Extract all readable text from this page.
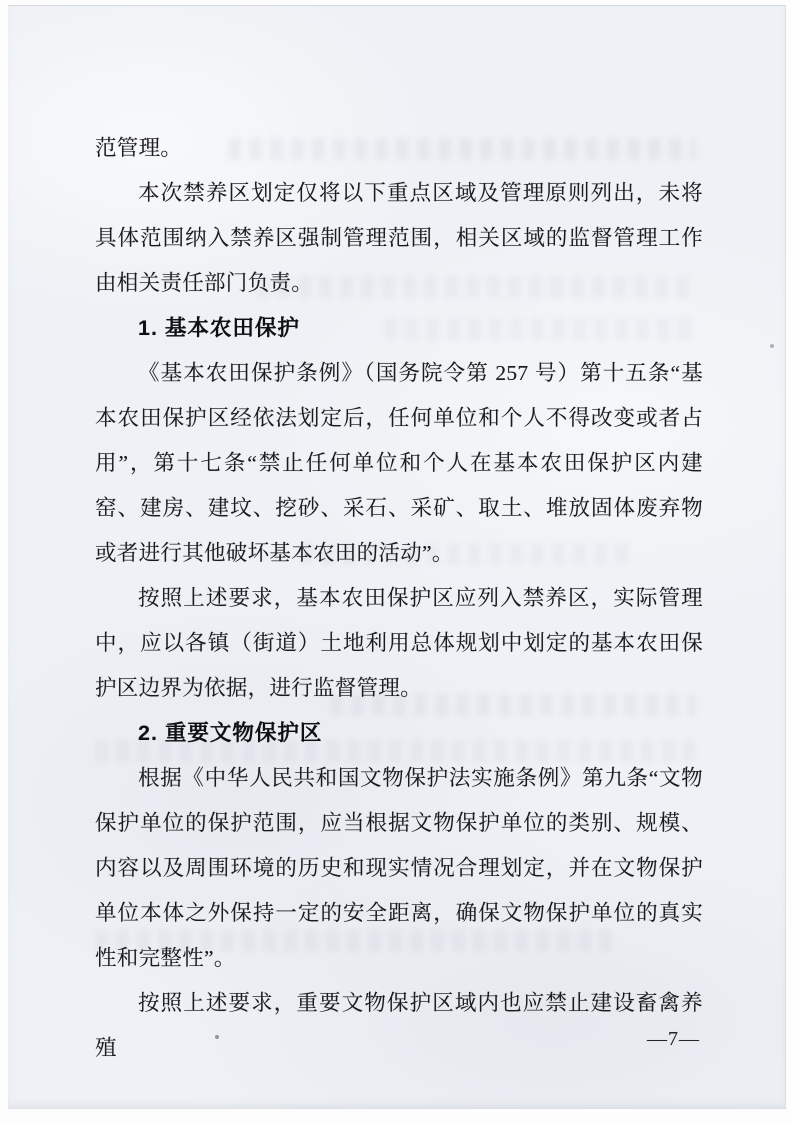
范管理。

本次禁养区划定仅将以下重点区域及管理原则列出，未将具体范围纳入禁养区强制管理范围，相关区域的监督管理工作由相关责任部门负责。

1. 基本农田保护

《基本农田保护条例》（国务院令第 257 号）第十五条“基本农田保护区经依法划定后，任何单位和个人不得改变或者占用”，第十七条“禁止任何单位和个人在基本农田保护区内建窑、建房、建坟、挖砂、采石、采矿、取土、堆放固体废弃物或者进行其他破坏基本农田的活动”。

按照上述要求，基本农田保护区应列入禁养区，实际管理中，应以各镇（街道）土地利用总体规划中划定的基本农田保护区边界为依据，进行监督管理。

2. 重要文物保护区

根据《中华人民共和国文物保护法实施条例》第九条“文物保护单位的保护范围，应当根据文物保护单位的类别、规模、内容以及周围环境的历史和现实情况合理划定，并在文物保护单位本体之外保持一定的安全距离，确保文物保护单位的真实性和完整性”。

按照上述要求，重要文物保护区域内也应禁止建设畜禽养殖	—7—
